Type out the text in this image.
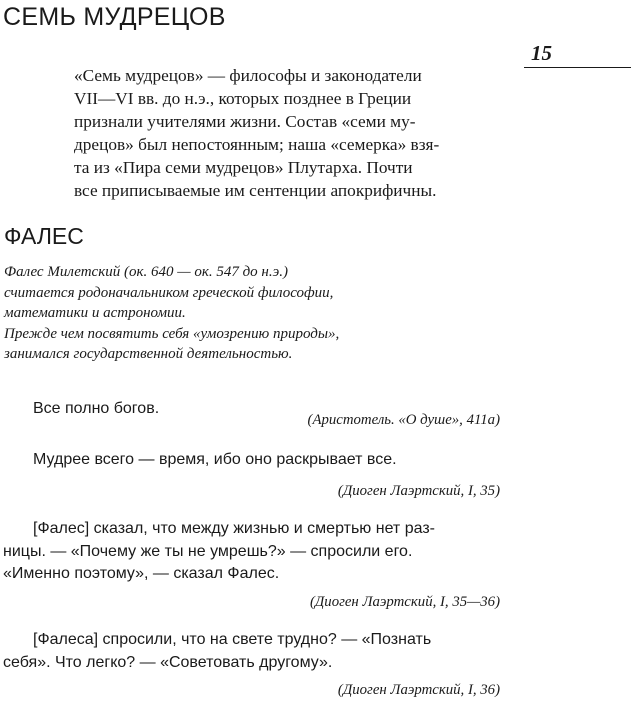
СЕМЬ МУДРЕЦОВ
15
«Семь мудрецов» — философы и законодатели
VII—VI вв. до н.э., которых позднее в Греции
признали учителями жизни. Состав «семи му-
дрецов» был непостоянным; наша «семерка» взя-
та из «Пира семи мудрецов» Плутарха. Почти
все приписываемые им сентенции апокрифичны.
ФАЛЕС
Фалес Милетский (ок. 640 — ок. 547 до н.э.)
считается родоначальником греческой философии,
математики и астрономии.
Прежде чем посвятить себя «умозрению природы»,
занимался государственной деятельностью.
Все полно богов.
(Аристотель. «О душе», 411а)
Мудрее всего — время, ибо оно раскрывает все.
(Диоген Лаэртский, I, 35)
[Фалес] сказал, что между жизнью и смертью нет раз-
ницы. — «Почему же ты не умрешь?» — спросили его.
«Именно поэтому», — сказал Фалес.
(Диоген Лаэртский, I, 35—36)
[Фалеса] спросили, что на свете трудно? — «Познать
себя». Что легко? — «Советовать другому».
(Диоген Лаэртский, I, 36)
